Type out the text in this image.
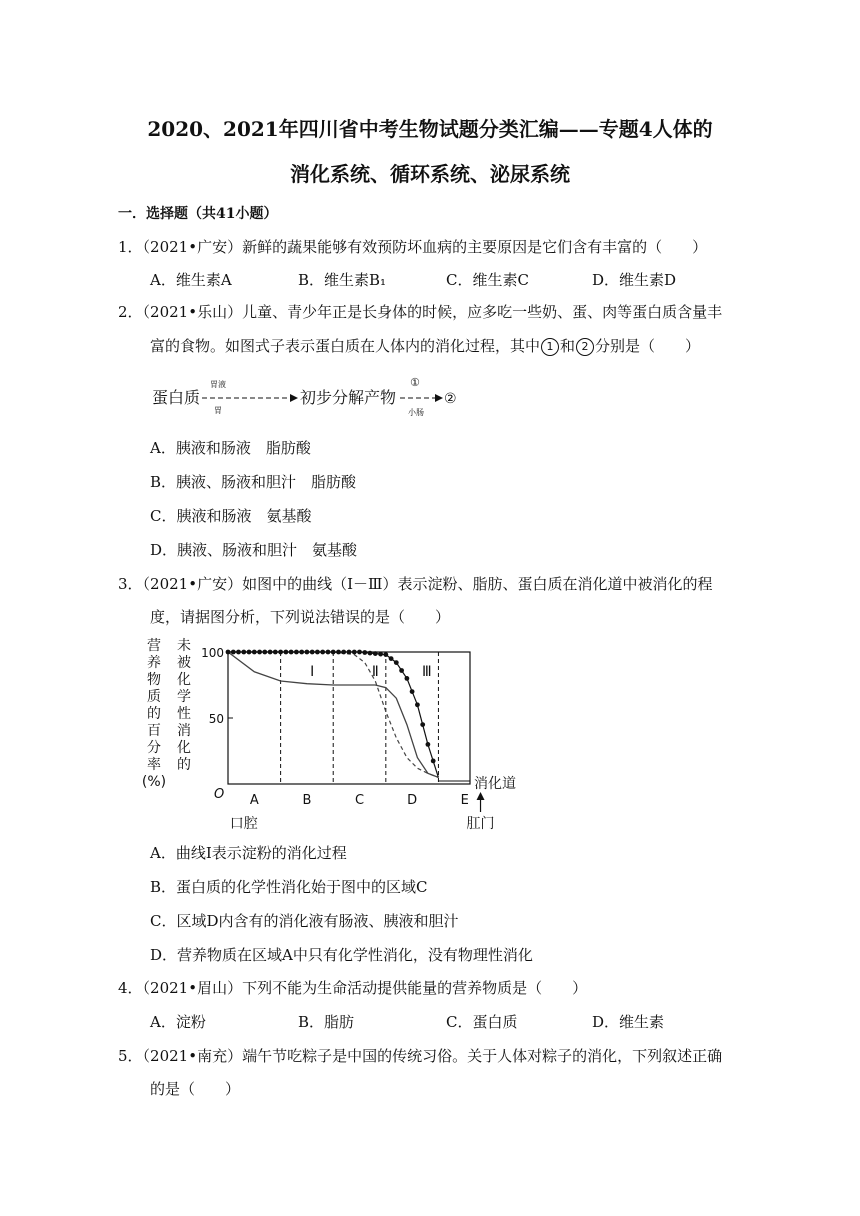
2020、2021年四川省中考生物试题分类汇编——专题4人体的
消化系统、循环系统、泌尿系统
一．选择题（共41小题）
1．（2021•广安）新鲜的蔬果能够有效预防坏血病的主要原因是它们含有丰富的（　　）
A．维生素A	B．维生素B₁	C．维生素C	D．维生素D
2．（2021•乐山）儿童、青少年正是长身体的时候，应多吃一些奶、蛋、肉等蛋白质含量丰
富的食物。如图式子表示蛋白质在人体内的消化过程，其中 1 和 2 分别是（　　）
蛋白质
胃液
胃
初步分解产物
①
小肠
②
A．胰液和肠液　脂肪酸
B．胰液、肠液和胆汁　脂肪酸
C．胰液和肠液　氨基酸
D．胰液、肠液和胆汁　氨基酸
3．（2021•广安）如图中的曲线（Ⅰ－Ⅲ）表示淀粉、脂肪、蛋白质在消化道中被消化的程
度，请据图分析，下列说法错误的是（　　）
营
养
物
质
的
百
分
率
(%)
未
被
化
学
性
消
化
的
100
50
O A	B	C	D	E
消化道
口腔	肛门
Ⅰ	Ⅱ	Ⅲ
A．曲线Ⅰ表示淀粉的消化过程
B．蛋白质的化学性消化始于图中的区域C
C．区域D内含有的消化液有肠液、胰液和胆汁
D．营养物质在区域A中只有化学性消化，没有物理性消化
4．（2021•眉山）下列不能为生命活动提供能量的营养物质是（　　）
A．淀粉	B．脂肪	C．蛋白质	D．维生素
5．（2021•南充）端午节吃粽子是中国的传统习俗。关于人体对粽子的消化，下列叙述正确
的是（　　）
